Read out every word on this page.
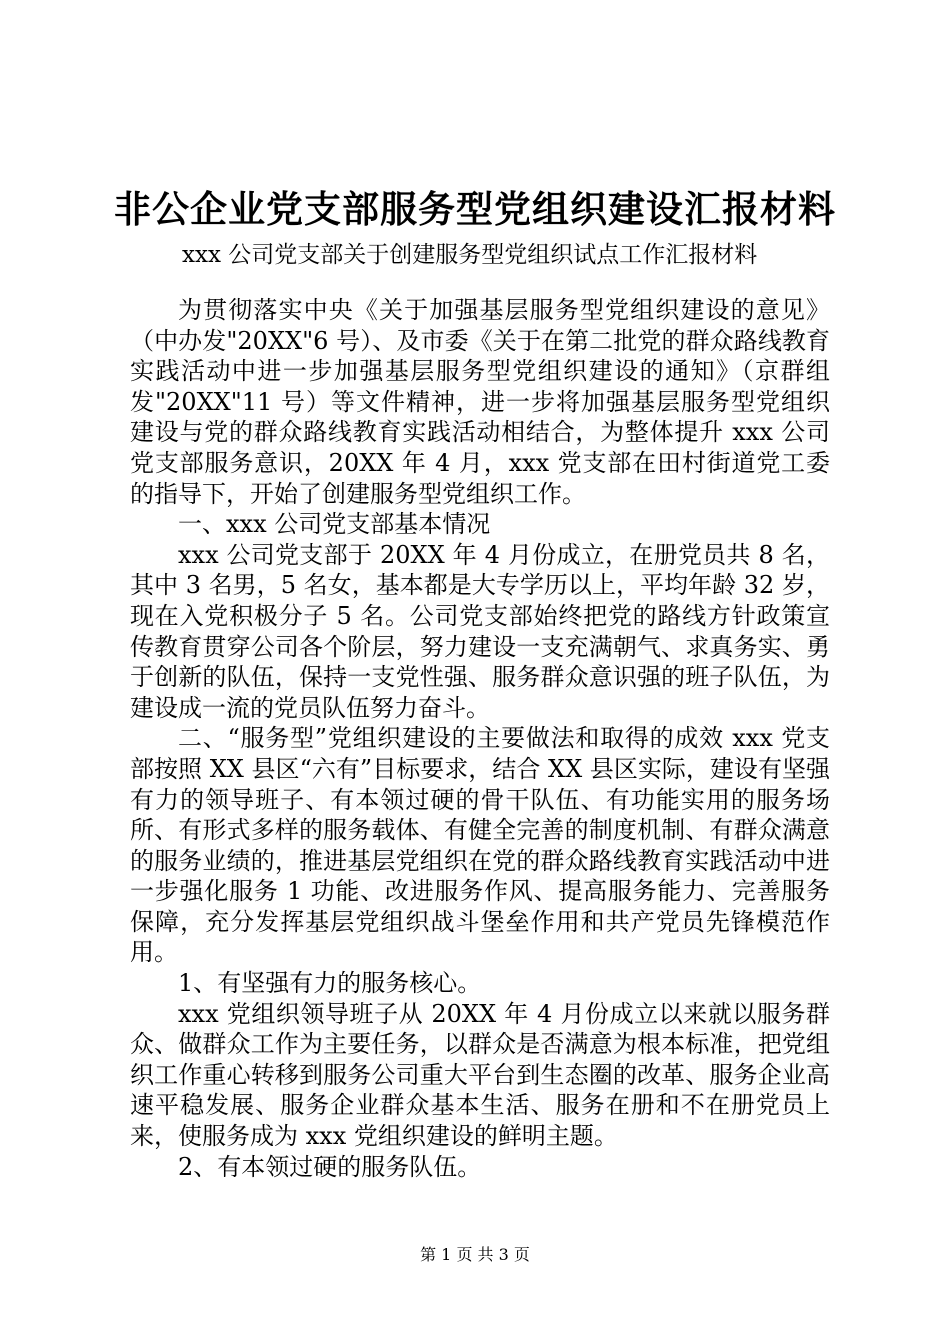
非公企业党支部服务型党组织建设汇报材料
xxx 公司党支部关于创建服务型党组织试点工作汇报材料

为贯彻落实中央《关于加强基层服务型党组织建设的意见》（中办发"20XX"6 号）、及市委《关于在第二批党的群众路线教育实践活动中进一步加强基层服务型党组织建设的通知》（京群组发"20XX"11 号）等文件精神，进一步将加强基层服务型党组织建设与党的群众路线教育实践活动相结合，为整体提升 xxx 公司党支部服务意识，20XX 年 4 月，xxx 党支部在田村街道党工委的指导下，开始了创建服务型党组织工作。

一、xxx 公司党支部基本情况

xxx 公司党支部于 20XX 年 4 月份成立，在册党员共 8 名，其中 3 名男，5 名女，基本都是大专学历以上，平均年龄 32 岁，现在入党积极分子 5 名。公司党支部始终把党的路线方针政策宣传教育贯穿公司各个阶层，努力建设一支充满朝气、求真务实、勇于创新的队伍，保持一支党性强、服务群众意识强的班子队伍，为建设成一流的党员队伍努力奋斗。

二、“服务型”党组织建设的主要做法和取得的成效 xxx 党支部按照 XX 县区“六有”目标要求，结合 XX 县区实际，建设有坚强有力的领导班子、有本领过硬的骨干队伍、有功能实用的服务场所、有形式多样的服务载体、有健全完善的制度机制、有群众满意的服务业绩的，推进基层党组织在党的群众路线教育实践活动中进一步强化服务 1 功能、改进服务作风、提高服务能力、完善服务保障，充分发挥基层党组织战斗堡垒作用和共产党员先锋模范作用。

1、有坚强有力的服务核心。

xxx 党组织领导班子从 20XX 年 4 月份成立以来就以服务群众、做群众工作为主要任务，以群众是否满意为根本标准，把党组织工作重心转移到服务公司重大平台到生态圈的改革、服务企业高速平稳发展、服务企业群众基本生活、服务在册和不在册党员上来，使服务成为 xxx 党组织建设的鲜明主题。

2、有本领过硬的服务队伍。

第 1 页 共 3 页
